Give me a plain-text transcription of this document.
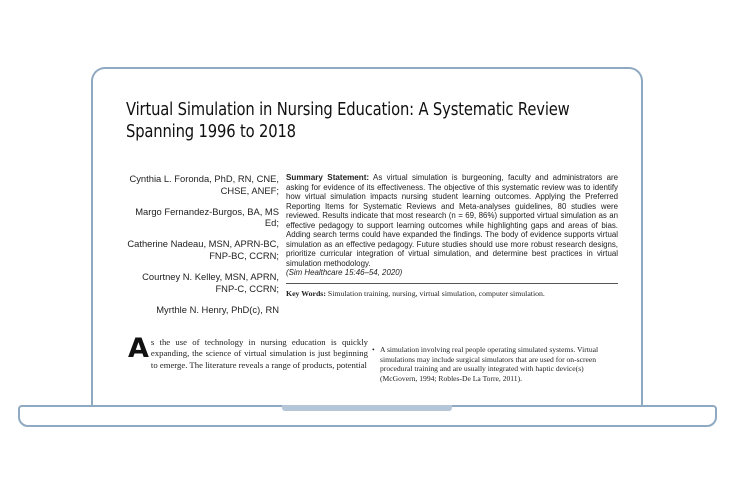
Virtual Simulation in Nursing Education: A Systematic Review Spanning 1996 to 2018
Cynthia L. Foronda, PhD, RN, CNE, CHSE, ANEF;
Margo Fernandez-Burgos, BA, MS Ed;
Catherine Nadeau, MSN, APRN-BC, FNP-BC, CCRN;
Courtney N. Kelley, MSN, APRN, FNP-C, CCRN;
Myrthle N. Henry, PhD(c), RN
Summary Statement: As virtual simulation is burgeoning, faculty and administrators are asking for evidence of its effectiveness. The objective of this systematic review was to identify how virtual simulation impacts nursing student learning outcomes. Applying the Preferred Reporting Items for Systematic Reviews and Meta-analyses guidelines, 80 studies were reviewed. Results indicate that most research (n = 69, 86%) supported virtual simulation as an effective pedagogy to support learning outcomes while highlighting gaps and areas of bias. Adding search terms could have expanded the findings. The body of evidence supports virtual simulation as an effective pedagogy. Future studies should use more robust research designs, prioritize curricular integration of virtual simulation, and determine best practices in virtual simulation methodology.
(Sim Healthcare 15:46–54, 2020)
Key Words: Simulation training, nursing, virtual simulation, computer simulation.
As the use of technology in nursing education is quickly expanding, the science of virtual simulation is just beginning to emerge. The literature reveals a range of products, potential
• A simulation involving real people operating simulated systems. Virtual simulations may include surgical simulators that are used for on-screen procedural training and are usually integrated with haptic device(s) (McGovern, 1994; Robles-De La Torre, 2011).
